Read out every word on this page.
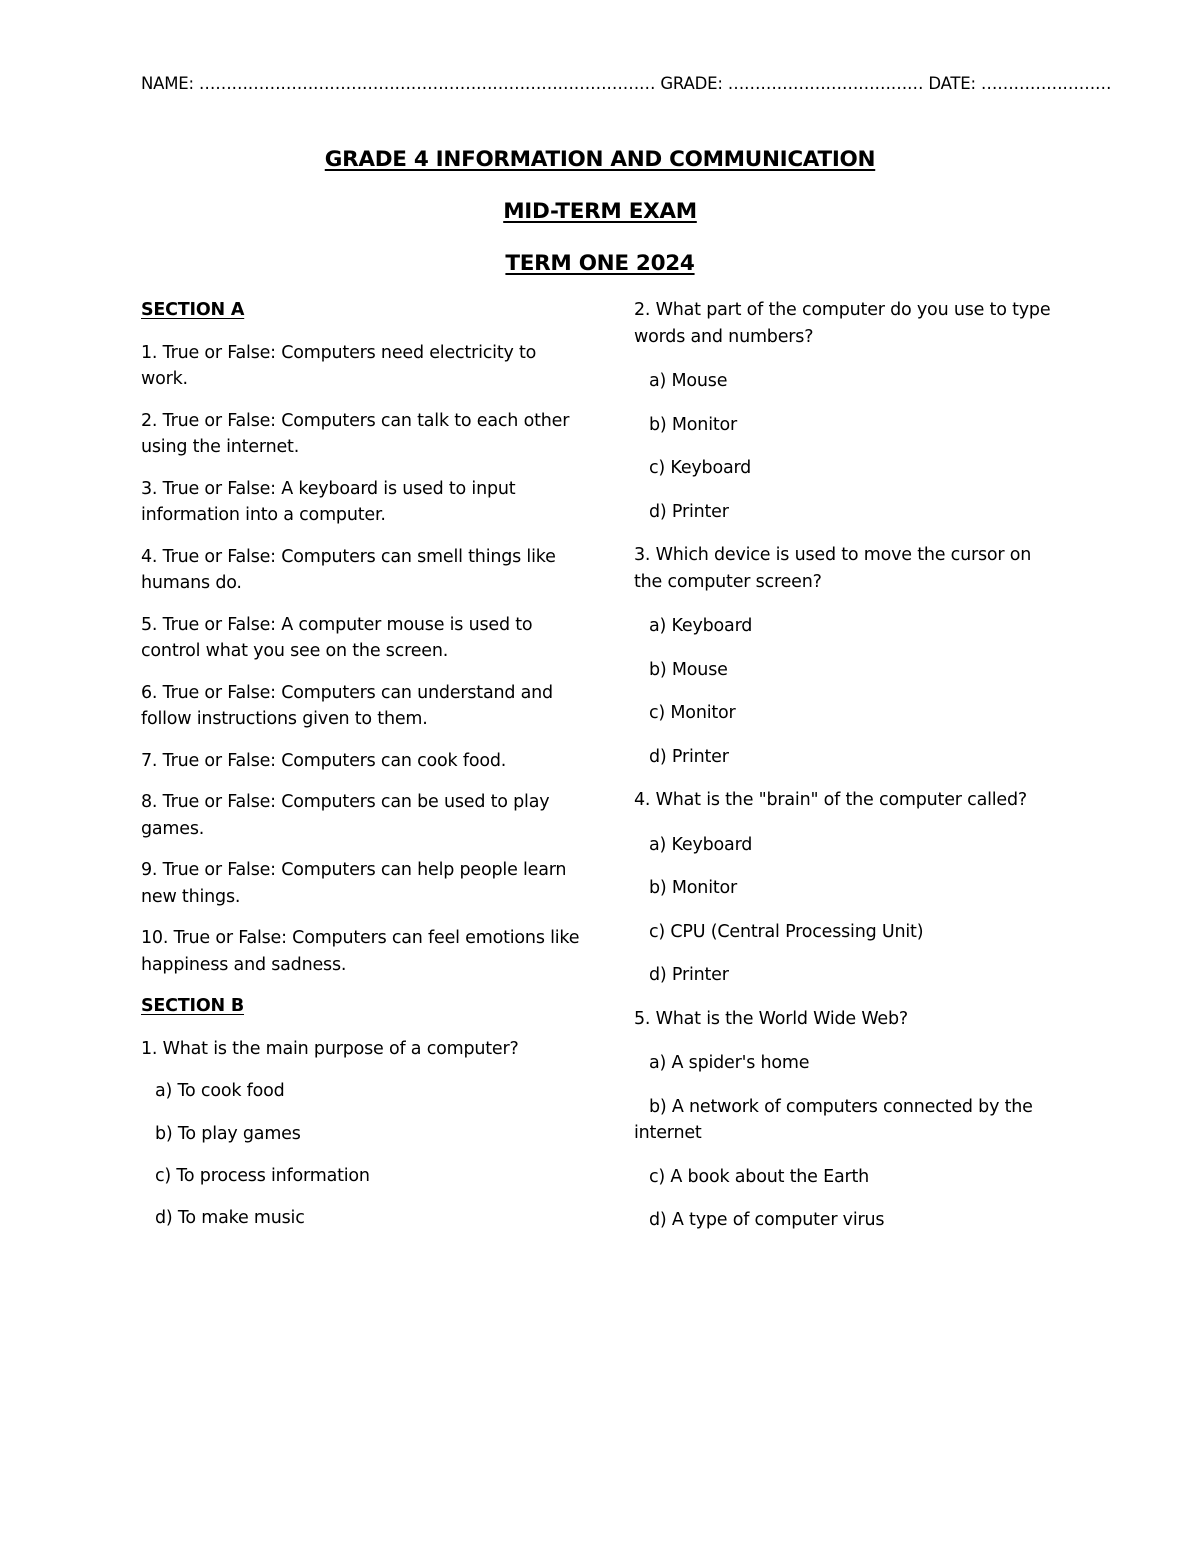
NAME: ………………………………………………………………………… GRADE: ……………………………… DATE: ……………………
GRADE 4 INFORMATION AND COMMUNICATION
MID-TERM EXAM
TERM ONE 2024
SECTION A
1. True or False: Computers need electricity to work.
2. True or False: Computers can talk to each other using the internet.
3. True or False: A keyboard is used to input information into a computer.
4. True or False: Computers can smell things like humans do.
5. True or False: A computer mouse is used to control what you see on the screen.
6. True or False: Computers can understand and follow instructions given to them.
7. True or False: Computers can cook food.
8. True or False: Computers can be used to play games.
9. True or False: Computers can help people learn new things.
10. True or False: Computers can feel emotions like happiness and sadness.
SECTION B
1. What is the main purpose of a computer?
a) To cook food
b) To play games
c) To process information
d) To make music
2. What part of the computer do you use to type words and numbers?
a) Mouse
b) Monitor
c) Keyboard
d) Printer
3. Which device is used to move the cursor on the computer screen?
a) Keyboard
b) Mouse
c) Monitor
d) Printer
4. What is the "brain" of the computer called?
a) Keyboard
b) Monitor
c) CPU (Central Processing Unit)
d) Printer
5. What is the World Wide Web?
a) A spider's home
b) A network of computers connected by the internet
c) A book about the Earth
d) A type of computer virus
